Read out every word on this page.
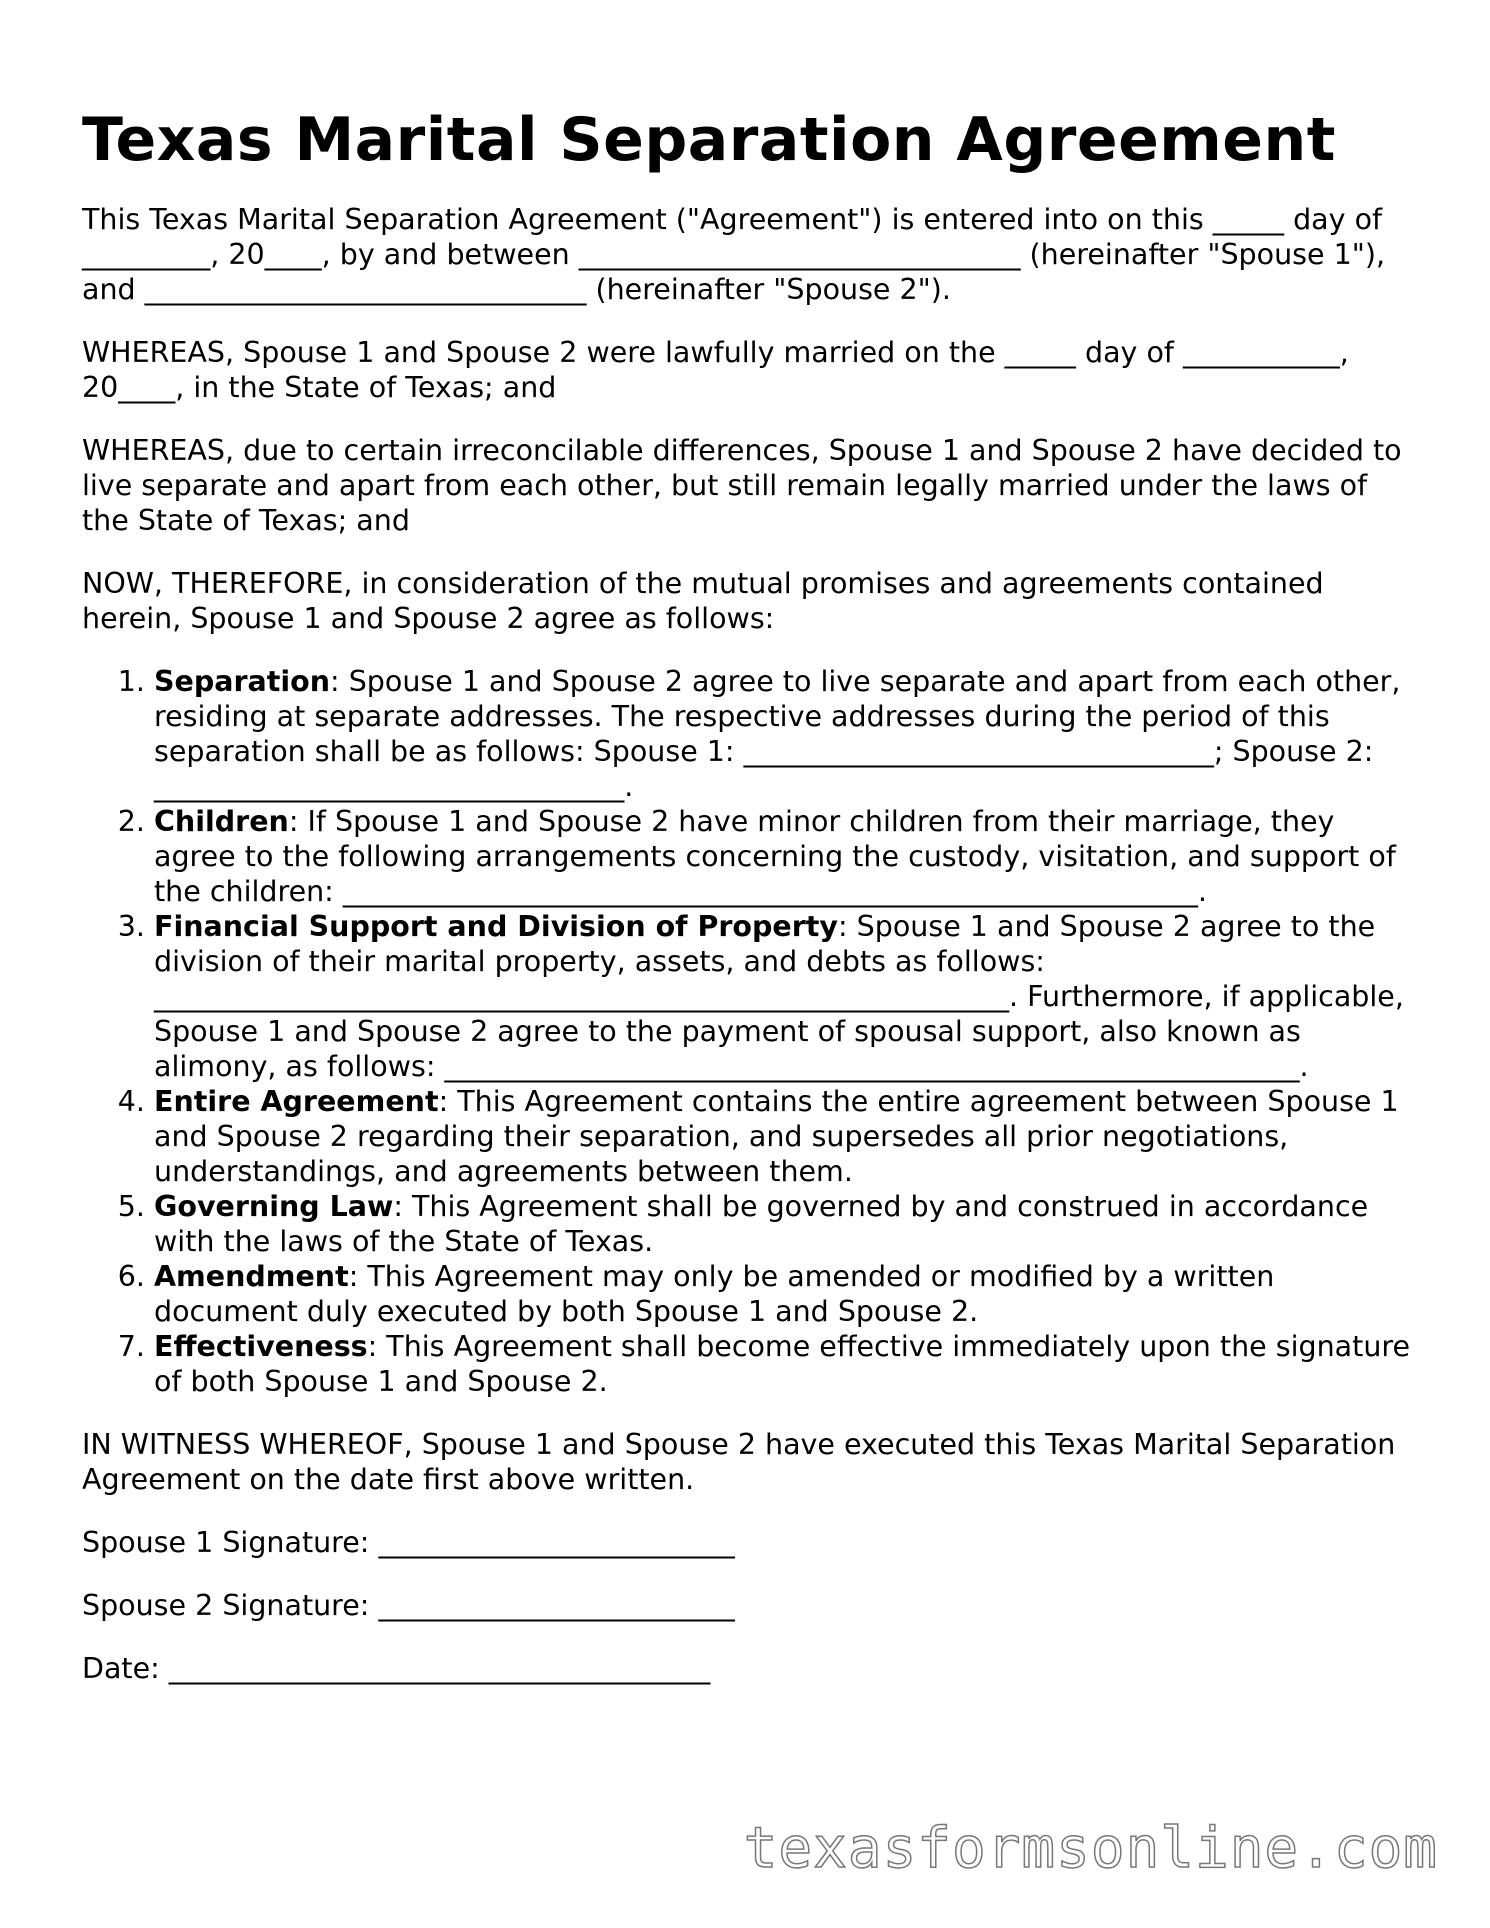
Texas Marital Separation Agreement

This Texas Marital Separation Agreement ("Agreement") is entered into on this _____ day of _________, 20____, by and between _______________________________ (hereinafter "Spouse 1"), and _______________________________ (hereinafter "Spouse 2").

WHEREAS, Spouse 1 and Spouse 2 were lawfully married on the _____ day of ___________, 20____, in the State of Texas; and

WHEREAS, due to certain irreconcilable differences, Spouse 1 and Spouse 2 have decided to live separate and apart from each other, but still remain legally married under the laws of the State of Texas; and

NOW, THEREFORE, in consideration of the mutual promises and agreements contained herein, Spouse 1 and Spouse 2 agree as follows:

1. Separation: Spouse 1 and Spouse 2 agree to live separate and apart from each other, residing at separate addresses. The respective addresses during the period of this separation shall be as follows: Spouse 1: _________________________________; Spouse 2: _________________________________.
2. Children: If Spouse 1 and Spouse 2 have minor children from their marriage, they agree to the following arrangements concerning the custody, visitation, and support of the children: ____________________________________________________________.
3. Financial Support and Division of Property: Spouse 1 and Spouse 2 agree to the division of their marital property, assets, and debts as follows: ____________________________________________________________. Furthermore, if applicable, Spouse 1 and Spouse 2 agree to the payment of spousal support, also known as alimony, as follows: ____________________________________________________________.
4. Entire Agreement: This Agreement contains the entire agreement between Spouse 1 and Spouse 2 regarding their separation, and supersedes all prior negotiations, understandings, and agreements between them.
5. Governing Law: This Agreement shall be governed by and construed in accordance with the laws of the State of Texas.
6. Amendment: This Agreement may only be amended or modified by a written document duly executed by both Spouse 1 and Spouse 2.
7. Effectiveness: This Agreement shall become effective immediately upon the signature of both Spouse 1 and Spouse 2.

IN WITNESS WHEREOF, Spouse 1 and Spouse 2 have executed this Texas Marital Separation Agreement on the date first above written.

Spouse 1 Signature: _________________________

Spouse 2 Signature: _________________________

Date: ______________________________________

texasformsonline.com
